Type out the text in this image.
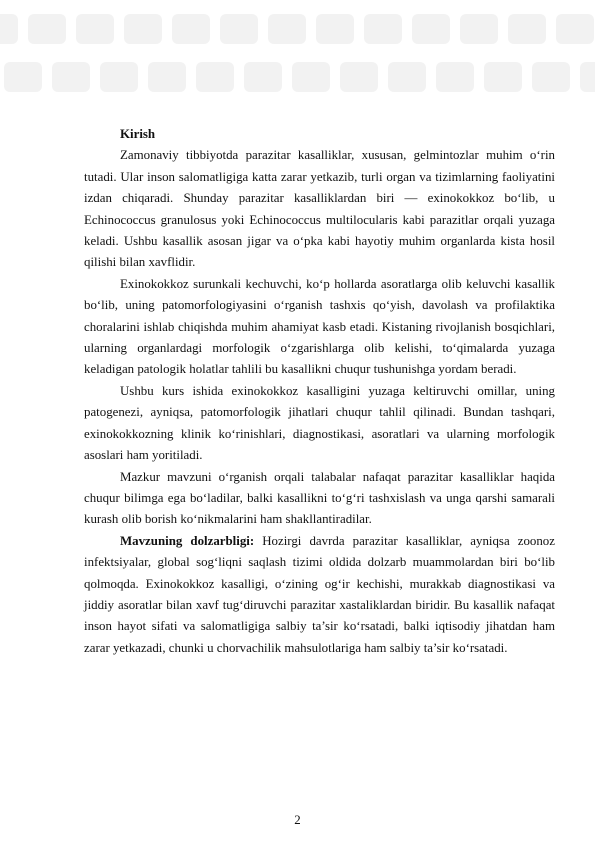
Kirish

Zamonaviy tibbiyotda parazitar kasalliklar, xususan, gelmintozlar muhim o‘rin tutadi. Ular inson salomatligiga katta zarar yetkazib, turli organ va tizimlarning faoliyatini izdan chiqaradi. Shunday parazitar kasalliklardan biri — exinokokkoz bo‘lib, u Echinococcus granulosus yoki Echinococcus multilocularis kabi parazitlar orqali yuzaga keladi. Ushbu kasallik asosan jigar va o‘pka kabi hayotiy muhim organlarda kista hosil qilishi bilan xavflidir.

Exinokokkoz surunkali kechuvchi, ko‘p hollarda asoratlarga olib keluvchi kasallik bo‘lib, uning patomorfologiyasini o‘rganish tashxis qo‘yish, davolash va profilaktika choralarini ishlab chiqishda muhim ahamiyat kasb etadi. Kistaning rivojlanish bosqichlari, ularning organlardagi morfologik o‘zgarishlarga olib kelishi, to‘qimalarda yuzaga keladigan patologik holatlar tahlili bu kasallikni chuqur tushunishga yordam beradi.

Ushbu kurs ishida exinokokkoz kasalligini yuzaga keltiruvchi omillar, uning patogenezi, ayniqsa, patomorfologik jihatlari chuqur tahlil qilinadi. Bundan tashqari, exinokokkozning klinik ko‘rinishlari, diagnostikasi, asoratlari va ularning morfologik asoslari ham yoritiladi.

Mazkur mavzuni o‘rganish orqali talabalar nafaqat parazitar kasalliklar haqida chuqur bilimga ega bo‘ladilar, balki kasallikni to‘g‘ri tashxislash va unga qarshi samarali kurash olib borish ko‘nikmalarini ham shakllantiradilar.

Mavzuning dolzarbligi: Hozirgi davrda parazitar kasalliklar, ayniqsa zoonoz infektsiyalar, global sog‘liqni saqlash tizimi oldida dolzarb muammolardan biri bo‘lib qolmoqda. Exinokokkoz kasalligi, o‘zining og‘ir kechishi, murakkab diagnostikasi va jiddiy asoratlar bilan xavf tug‘diruvchi parazitar xastaliklardan biridir. Bu kasallik nafaqat inson hayot sifati va salomatligiga salbiy ta’sir ko‘rsatadi, balki iqtisodiy jihatdan ham zarar yetkazadi, chunki u chorvachilik mahsulotlariga ham salbiy ta’sir ko‘rsatadi.

2
